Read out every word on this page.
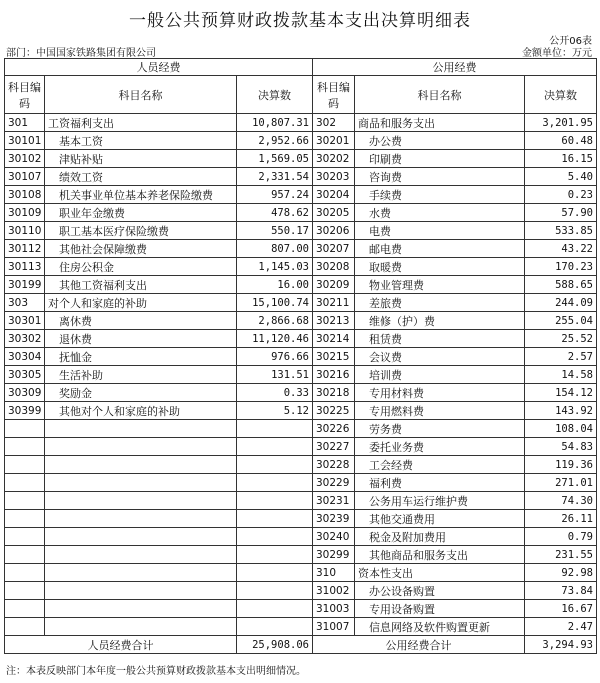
一般公共预算财政拨款基本支出决算明细表
公开06表
部门：中国国家铁路集团有限公司	金额单位：万元
人员经费			公用经费		
科目编码	科目名称	决算数	科目编码	科目名称	决算数
301	工资福利支出	10,807.31	302	商品和服务支出	3,201.95
30101	基本工资	2,952.66	30201	办公费	60.48
30102	津贴补贴	1,569.05	30202	印刷费	16.15
30107	绩效工资	2,331.54	30203	咨询费	5.40
30108	机关事业单位基本养老保险缴费	957.24	30204	手续费	0.23
30109	职业年金缴费	478.62	30205	水费	57.90
30110	职工基本医疗保险缴费	550.17	30206	电费	533.85
30112	其他社会保障缴费	807.00	30207	邮电费	43.22
30113	住房公积金	1,145.03	30208	取暖费	170.23
30199	其他工资福利支出	16.00	30209	物业管理费	588.65
303	对个人和家庭的补助	15,100.74	30211	差旅费	244.09
30301	离休费	2,866.68	30213	维修（护）费	255.04
30302	退休费	11,120.46	30214	租赁费	25.52
30304	抚恤金	976.66	30215	会议费	2.57
30305	生活补助	131.51	30216	培训费	14.58
30309	奖励金	0.33	30218	专用材料费	154.12
30399	其他对个人和家庭的补助	5.12	30225	专用燃料费	143.92
			30226	劳务费	108.04
			30227	委托业务费	54.83
			30228	工会经费	119.36
			30229	福利费	271.01
			30231	公务用车运行维护费	74.30
			30239	其他交通费用	26.11
			30240	税金及附加费用	0.79
			30299	其他商品和服务支出	231.55
			310	资本性支出	92.98
			31002	办公设备购置	73.84
			31003	专用设备购置	16.67
			31007	信息网络及软件购置更新	2.47
人员经费合计		25,908.06	公用经费合计		3,294.93
注：本表反映部门本年度一般公共预算财政拨款基本支出明细情况。
